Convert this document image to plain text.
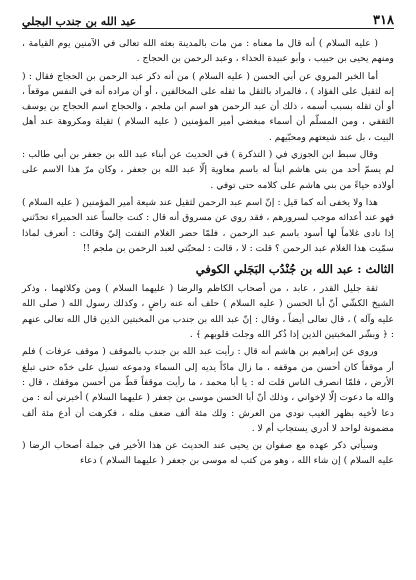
٣١٨
عبد الله بن جندب البجلي

( عليه السلام ) أنه قال ما معناه : من مات بالمدينة بعثه الله تعالى في الآمنين يوم القيامة ، ومنهم يحيى بن حبيب ، وأبو عبيدة الحذاء ، وعبد الرحمن بن الحجاج .

أما الخبر المروي عن أبي الحسن ( عليه السلام ) من أنه ذكر عبد الرحمن بن الحجاج فقال : ( إنه لثقيل على الفؤاد ) ، فالمراد بالثقل ما ثقله على المخالفين ، أو أن مراده أنه في النفس موقعاً ، أو أن ثقله بسبب أسمه ، ذلك أن عبد الرحمن هو اسم ابن ملجم ، والحجاج اسم الحجاج بن يوسف الثقفي ، ومن المسلّم أن أسماء مبغضي أمير المؤمنين ( عليه السلام ) ثقيلة ومكروهة عند أهل البيت ، بل عند شيعتهم ومحبّيهم .

وقال سبط ابن الجوزي في ( التذكرة ) في الحديث عن أبناء عبد الله بن جعفر بن أبي طالب : لم يسمّ أحد من بني هاشم ابناً له باسم معاوية إلّا عبد الله بن جعفر ، وكان مرّ هذا الاسم على أولاده حياءً من بني هاشم على كلامه حتى توفي .

هذا ولا يخفى أنه كما قيل : إنّ اسم عبد الرحمن لثقيل عند شيعة أمير المؤمنين ( عليه السلام ) فهو عند أعدائه موجب لسرورهم ، فقد روي عن مسروق أنه قال : كنت جالساً عند الحميراء تحدّثني إذا نادى غلاماً لها أسود باسم عبد الرحمن ، فلمّا حضر الغلام التفتت إليّ وقالت : أتعرف لماذا سمّيت هذا الغلام عبد الرحمن ؟ قلت : لا ، قالت : لمحبّتي لعبد الرحمن بن ملجم !!

الثالث : عبد الله بن جُنْدُب البَجَلي الكوفي

ثقة جليل القدر ، عابد ، من أصحاب الكاظم والرضا ( عليهما السلام ) ومن وكلائهما ، وذكر الشيخ الكشّي أنّ أبا الحسن ( عليه السلام ) حلف أنه عنه راضٍ ، وكذلك رسول الله ( صلى الله عليه وآله ) ، قال تعالى أيضاً ، وقال : إنّ عبد الله بن جندب من المخبتين الذين قال الله تعالى عنهم : ﴿ وبشّر المخبتين الذين إذا ذُكر الله وجلت قلوبهم ﴾ .

وروي عن إبراهيم بن هاشم أنه قال : رأيت عبد الله بن جندب بالموقف ( موقف عرفات ) فلم أر موقفاً كان أحسن من موقفه ، ما زال مادّاً يديه إلى السماء ودموعه تسيل على خدّه حتى تبلغ الأرض ، فلمّا انصرف الناس قلت له : يا أبا محمد ، ما رأيت موقفاً قطّ من أحسن موقفك ، قال : والله ما دعوت إلّا لإخواني ، وذلك أنّ أبا الحسن موسى بن جعفر ( عليهما السلام ) أخبرني أنه : من دعا لأخيه بظهر الغيب نودي من العرش : ولك مئة ألف ضعف مثله ، فكرهت أن أدع مئة ألف مضمونة لواحد لا أدري يستجاب أم لا .

وسيأتي ذكر عهده مع صفوان بن يحيى عند الحديث عن هذا الأخير في جملة أصحاب الرضا ( عليه السلام ) إن شاء الله ، وهو من كتب له موسى بن جعفر ( عليهما السلام ) دعاء
